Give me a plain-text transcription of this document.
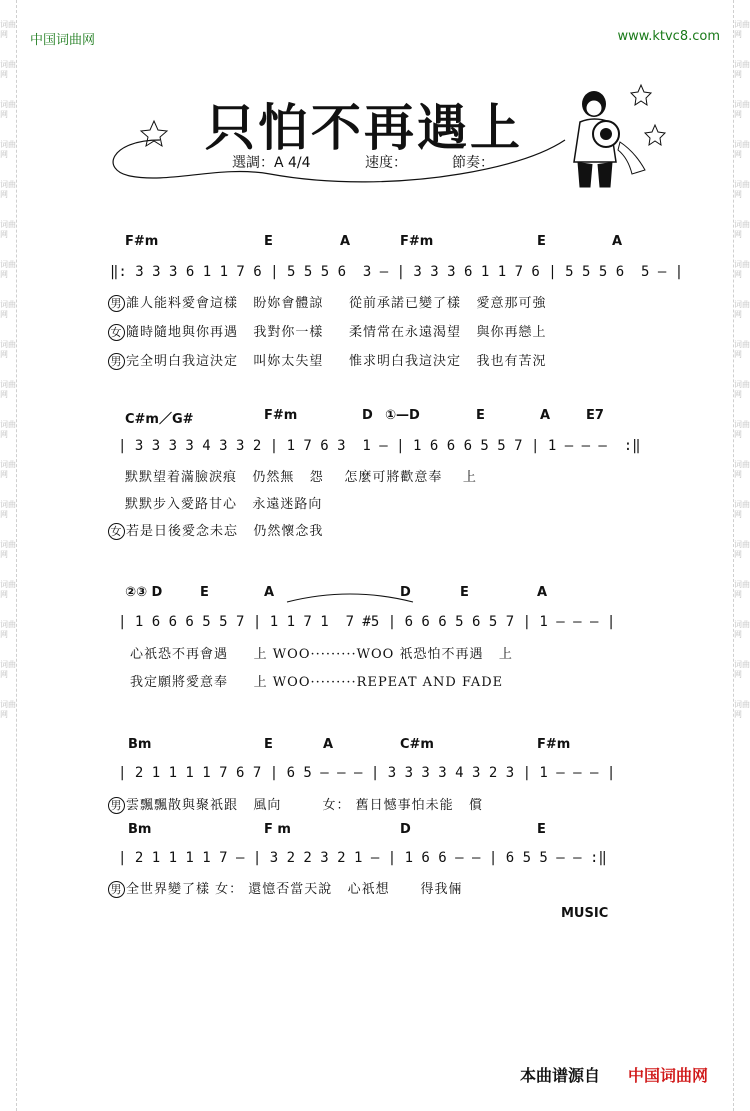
词曲网
词曲网
词曲网
词曲网
词曲网
词曲网
词曲网
词曲网
词曲网
词曲网
词曲网
词曲网
词曲网
词曲网
词曲网
词曲网
词曲网
词曲网
词曲网
词曲网
词曲网
词曲网
词曲网
词曲网
词曲网
词曲网
词曲网
词曲网
词曲网
词曲网
词曲网
词曲网
词曲网
词曲网
词曲网
词曲网
中国词曲网	www.ktvc8.com
只怕不再遇上
選調：A 4/4	速度：	節奏：
F#m	E	A	F#m	E	A
‖: 3 3 3 6 1 1 7 6 | 5 5 5 6  3 — | 3 3 3 6 1 1 7 6 | 5 5 5 6  5 — |
男 誰人能料愛會這樣   盼妳會體諒     從前承諾已變了樣   愛意那可強
女 隨時隨地與你再遇   我對你一樣     柔情常在永遠渴望   與你再戀上
男 完全明白我這決定   叫妳太失望     惟求明白我這決定   我也有苦況
C#m／G#	F#m	D ①—D	E	A	E7
| 3 3 3 3 4 3 3 2 | 1 7 6 3  1 — | 1 6 6 6 5 5 7 | 1 — — —  :‖
默默望着滿臉淚痕   仍然無   怨    怎麼可將歡意奉    上
默默步入愛路甘心   永遠迷路向
女 若是日後愛念未忘   仍然懷念我
②③ D	A	D	E	A
E
| 1 6 6 6 5 5 7 | 1 1 7 1  7 #5 | 6 6 6 5 6 5 7 | 1 — — — |
心祇恐不再會遇     上 WOO·········WOO 祇恐怕不再遇   上
我定願將愛意奉     上 WOO·········REPEAT AND FADE
Bm	E	A	C#m	F#m
| 2 1 1 1 1 7 6 7 | 6 5 — — — | 3 3 3 3 4 3 2 3 | 1 — — — |
男 雲飄飄散與聚祇跟   風向        女： 舊日憾事怕未能   償
Bm	F m	D	E
| 2 1 1 1 1 7 — | 3 2 2 3 2 1 — | 1 6 6 — — | 6 5 5 — — :‖
男 全世界變了樣 女： 還憶否當天說   心祇想      得我倆
MUSIC
本曲谱源自 中国词曲网
